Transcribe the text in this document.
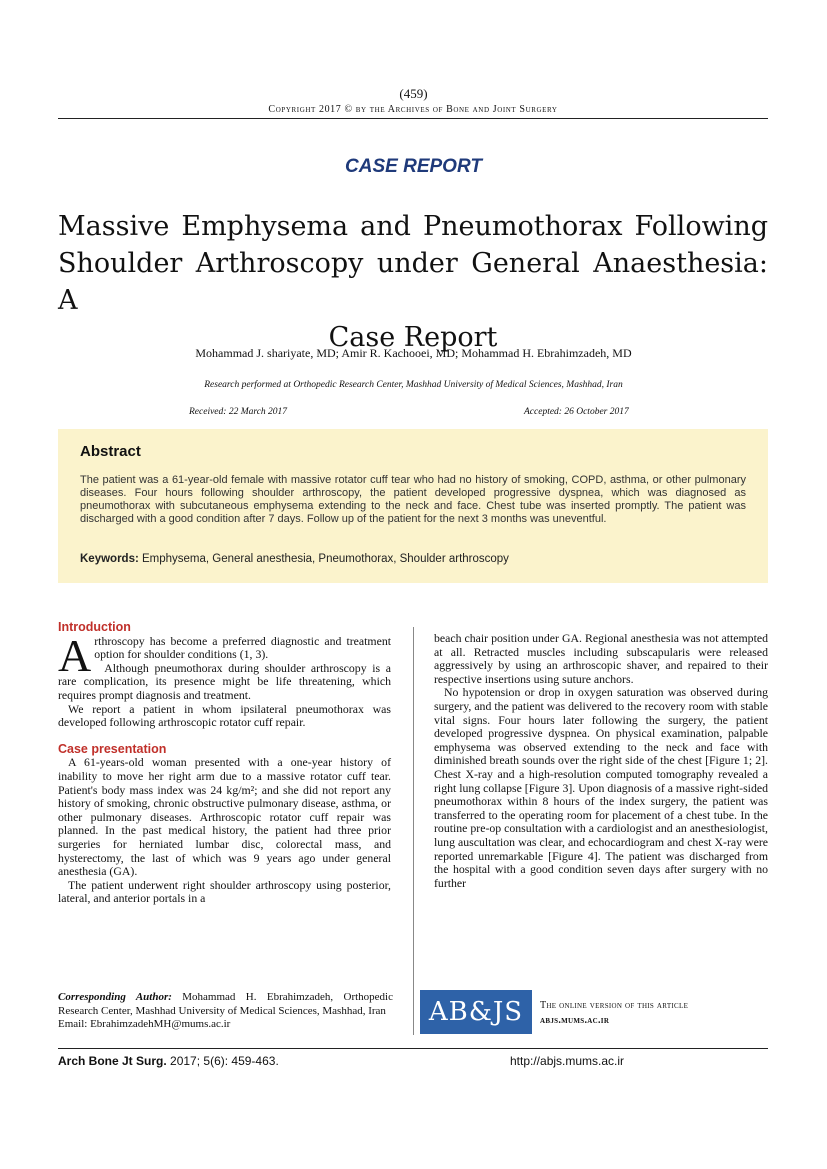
(459)
Copyright 2017 © by the Archives of Bone and Joint Surgery
CASE REPORT
Massive Emphysema and Pneumothorax Following
Shoulder Arthroscopy under General Anaesthesia: A
Case Report
Mohammad J. shariyate, MD; Amir R. Kachooei, MD; Mohammad H. Ebrahimzadeh, MD
Research performed at Orthopedic Research Center, Mashhad University of Medical Sciences, Mashhad, Iran
Received: 22 March 2017	Accepted: 26 October 2017
Abstract
The patient was a 61-year-old female with massive rotator cuff tear who had no history of smoking, COPD, asthma, or other pulmonary diseases. Four hours following shoulder arthroscopy, the patient developed progressive dyspnea, which was diagnosed as pneumothorax with subcutaneous emphysema extending to the neck and face. Chest tube was inserted promptly. The patient was discharged with a good condition after 7 days. Follow up of the patient for the next 3 months was uneventful.
Keywords: Emphysema, General anesthesia, Pneumothorax, Shoulder arthroscopy

Introduction

Arthroscopy has become a preferred diagnostic and treatment option for shoulder conditions (1, 3).

Although pneumothorax during shoulder arthroscopy is a rare complication, its presence might be life threatening, which requires prompt diagnosis and treatment.

We report a patient in whom ipsilateral pneumothorax was developed following arthroscopic rotator cuff repair.

Case presentation

A 61-years-old woman presented with a one-year history of inability to move her right arm due to a massive rotator cuff tear. Patient's body mass index was 24 kg/m²; and she did not report any history of smoking, chronic obstructive pulmonary disease, asthma, or other pulmonary diseases. Arthroscopic rotator cuff repair was planned. In the past medical history, the patient had three prior surgeries for herniated lumbar disc, colorectal mass, and hysterectomy, the last of which was 9 years ago under general anesthesia (GA).

The patient underwent right shoulder arthroscopy using posterior, lateral, and anterior portals in a

beach chair position under GA. Regional anesthesia was not attempted at all. Retracted muscles including subscapularis were released aggressively by using an arthroscopic shaver, and repaired to their respective insertions using suture anchors.

No hypotension or drop in oxygen saturation was observed during surgery, and the patient was delivered to the recovery room with stable vital signs. Four hours later following the surgery, the patient developed progressive dyspnea. On physical examination, palpable emphysema was observed extending to the neck and face with diminished breath sounds over the right side of the chest [Figure 1; 2]. Chest X-ray and a high-resolution computed tomography revealed a right lung collapse [Figure 3]. Upon diagnosis of a massive right-sided pneumothorax within 8 hours of the index surgery, the patient was transferred to the operating room for placement of a chest tube. In the routine pre-op consultation with a cardiologist and an anesthesiologist, lung auscultation was clear, and echocardiogram and chest X-ray were reported unremarkable [Figure 4]. The patient was discharged from the hospital with a good condition seven days after surgery with no further

Corresponding Author: Mohammad H. Ebrahimzadeh, Orthopedic Research Center, Mashhad University of Medical Sciences, Mashhad, Iran
Email: EbrahimzadehMH@mums.ac.ir	AB&JS	The online version of this article
abjs.mums.ac.ir
Arch Bone Jt Surg. 2017; 5(6): 459-463.	http://abjs.mums.ac.ir
